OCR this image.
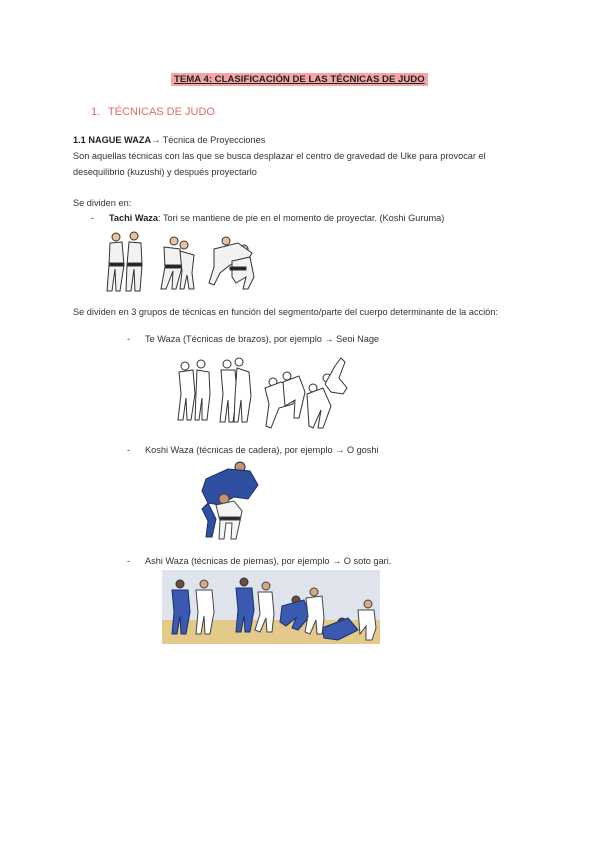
TEMA 4: CLASIFICACIÓN DE LAS TÉCNICAS DE JUDO
1. TÉCNICAS DE JUDO
1.1 NAGUE WAZA→ Técnica de Proyecciones
Son aquellas técnicas con las que se busca desplazar el centro de gravedad de Uke para provocar el
desequilibrio (kuzushi) y después proyectarlo
Se dividen en:
- Tachi Waza: Tori se mantiene de pie en el momento de proyectar. (Koshi Guruma)
Se dividen en 3 grupos de técnicas en función del segmento/parte del cuerpo determinante de la acción:
- Te Waza (Técnicas de brazos), por ejemplo → Seoi Nage
- Koshi Waza (técnicas de cadera), por ejemplo → O goshi
- Ashi Waza (técnicas de piernas), por ejemplo → O soto gari.
